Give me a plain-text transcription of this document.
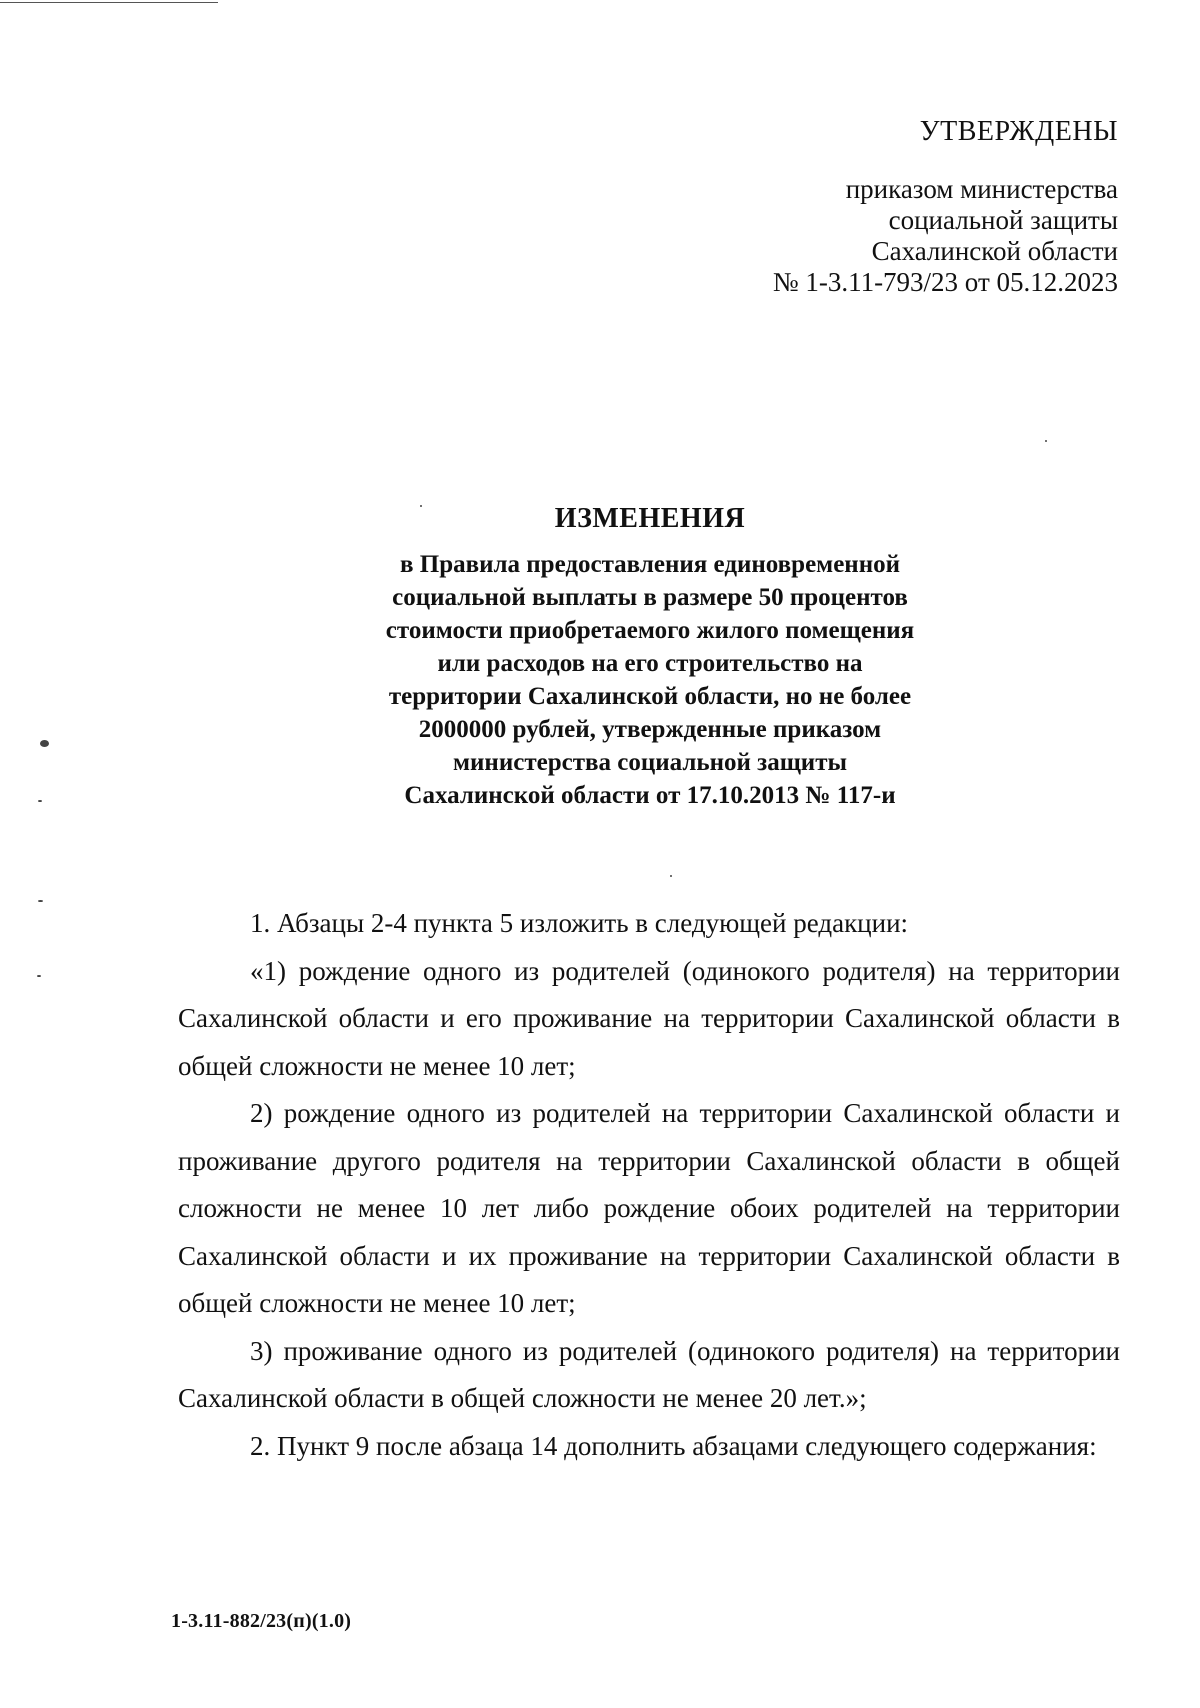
УТВЕРЖДЕНЫ
приказом министерства
социальной защиты
Сахалинской области
№ 1-3.11-793/23 от 05.12.2023
ИЗМЕНЕНИЯ
в Правила предоставления единовременной
социальной выплаты в размере 50 процентов
стоимости приобретаемого жилого помещения
или расходов на его строительство на
территории Сахалинской области, но не более
2000000 рублей, утвержденные приказом
министерства социальной защиты
Сахалинской области от 17.10.2013 № 117-и

1. Абзацы 2-4 пункта 5 изложить в следующей редакции:

«1) рождение одного из родителей (одинокого родителя) на территории Сахалинской области и его проживание на территории Сахалинской области в общей сложности не менее 10 лет;

2) рождение одного из родителей на территории Сахалинской области и проживание другого родителя на территории Сахалинской области в общей сложности не менее 10 лет либо рождение обоих родителей на территории Сахалинской области и их проживание на территории Сахалинской области в общей сложности не менее 10 лет;

3) проживание одного из родителей (одинокого родителя) на территории Сахалинской области в общей сложности не менее 20 лет.»;

2. Пункт 9 после абзаца 14 дополнить абзацами следующего содержания:

1-3.11-882/23(п)(1.0)
